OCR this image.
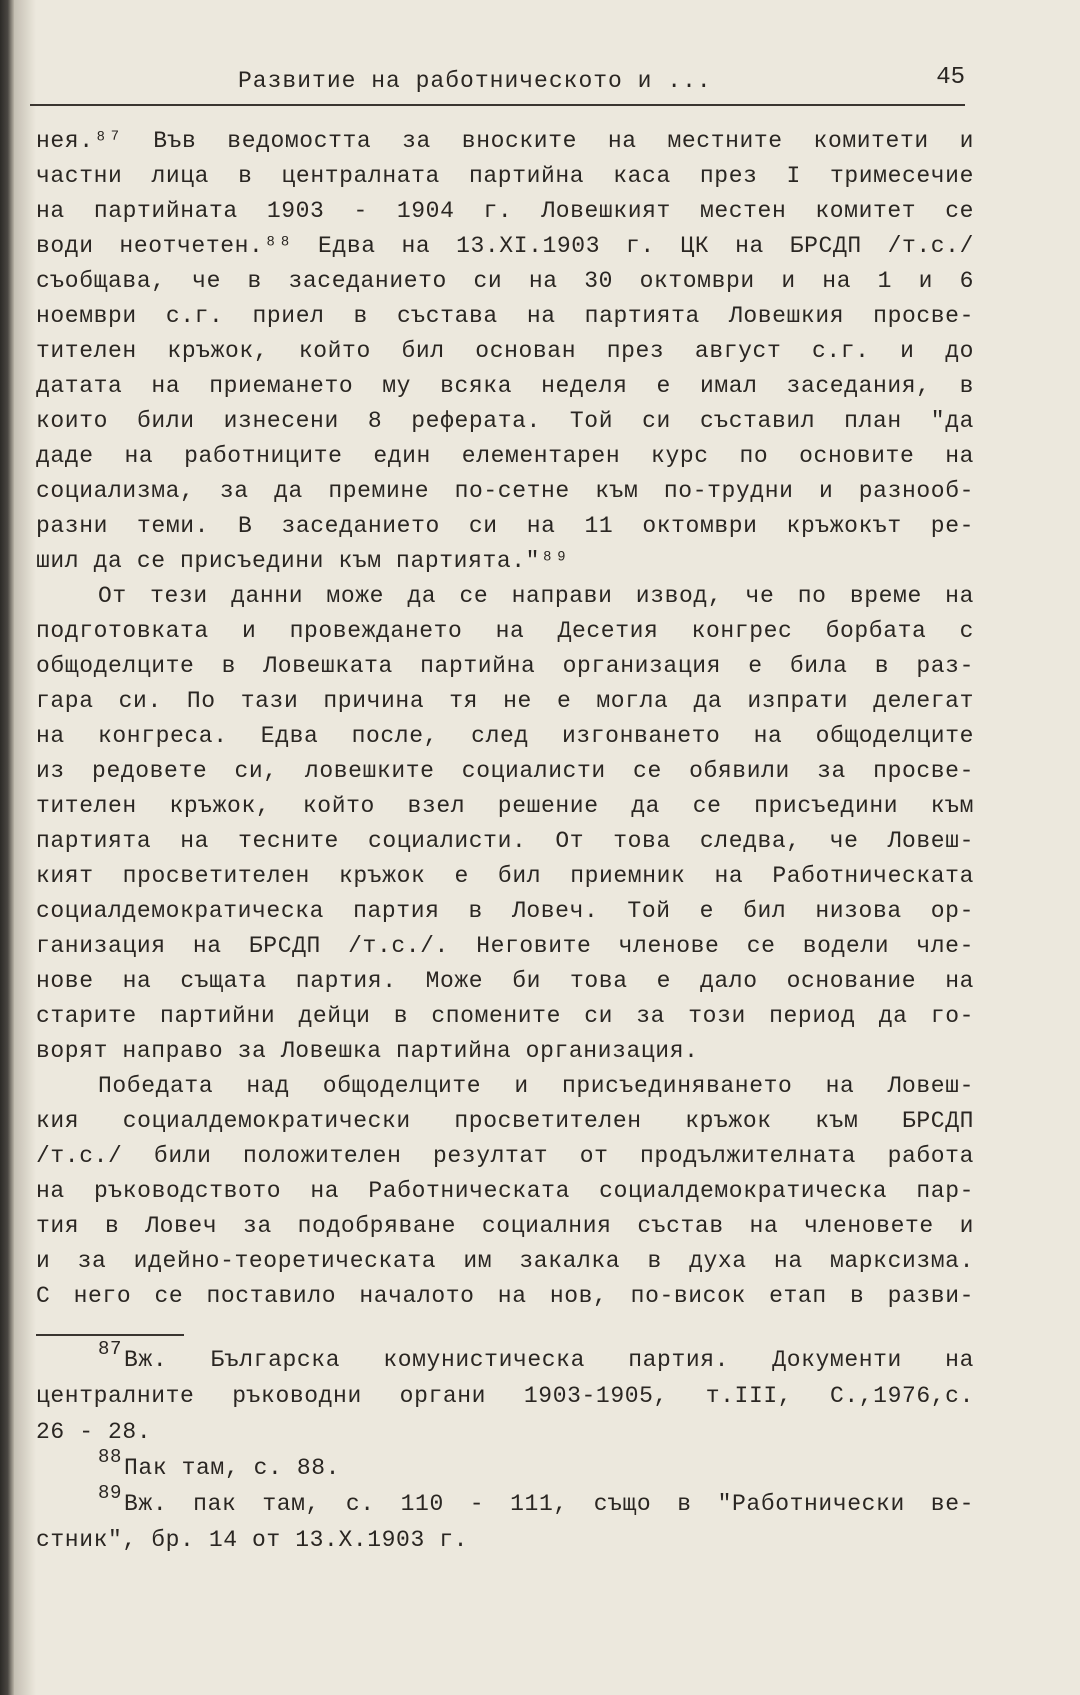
Развитие на работническото и ...	45
нея.⁸⁷ Във ведомостта за вноските на местните комитети и
частни лица в централната партийна каса през I тримесечие
на партийната 1903 - 1904 г. Ловешкият местен комитет се
води неотчетен.⁸⁸ Едва на 13.XI.1903 г. ЦК на БРСДП /т.с./
съобщава, че в заседанието си на 30 октомври и на 1 и 6
ноември с.г. приел в състава на партията Ловешкия просве-
тителен кръжок, който бил основан през август с.г. и до
датата на приемането му всяка неделя е имал заседания, в
които били изнесени 8 реферата. Той си съставил план "да
даде на работниците един елементарен курс по основите на
социализма, за да премине по-сетне към по-трудни и разнооб-
разни теми. В заседанието си на 11 октомври кръжокът ре-
шил да се присъедини към партията."⁸⁹
От тези данни може да се направи извод, че по време на
подготовката и провеждането на Десетия конгрес борбата с
общоделците в Ловешката партийна организация е била в раз-
гара си. По тази причина тя не е могла да изпрати делегат
на конгреса. Едва после, след изгонването на общоделците
из редовете си, ловешките социалисти се обявили за просве-
тителен кръжок, който взел решение да се присъедини към
партията на тесните социалисти. От това следва, че Ловеш-
кият просветителен кръжок е бил приемник на Работническата
социалдемократическа партия в Ловеч. Той е бил низова ор-
ганизация на БРСДП /т.с./. Неговите членове се водели чле-
нове на същата партия. Може би това е дало основание на
старите партийни дейци в спомените си за този период да го-
ворят направо за Ловешка партийна организация.
Победата над общоделците и присъединяването на Ловеш-
кия социалдемократически просветителен кръжок към БРСДП
/т.с./ били положителен резултат от продължителната работа
на ръководството на Работническата социалдемократическа пар-
тия в Ловеч за подобряване социалния състав на членовете и
и за идейно-теоретическата им закалка в духа на марксизма.
С него се поставило началото на нов, по-висок етап в разви-
$^{87}$Вж. Българска комунистическа партия. Документи на
централните ръководни органи 1903-1905, т.III, С.,1976,с.
26 - 28.
$^{88}$Пак там, с. 88.
$^{89}$Вж. пак там, с. 110 - 111, също в "Работнически ве-
стник", бр. 14 от 13.X.1903 г.
